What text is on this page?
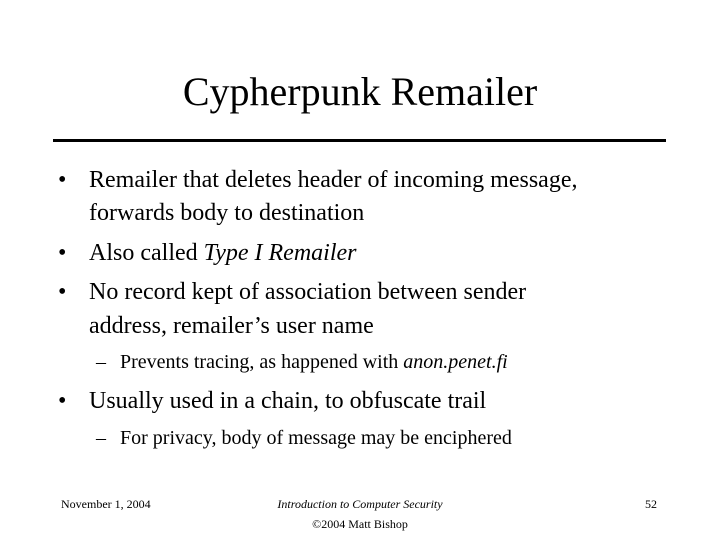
Cypherpunk Remailer
• Remailer that deletes header of incoming message,
forwards body to destination
• Also called Type I Remailer
• No record kept of association between sender
address, remailer’s user name
– Prevents tracing, as happened with anon.penet.fi
• Usually used in a chain, to obfuscate trail
– For privacy, body of message may be enciphered
November 1, 2004	Introduction to Computer Security
©2004 Matt Bishop
52
